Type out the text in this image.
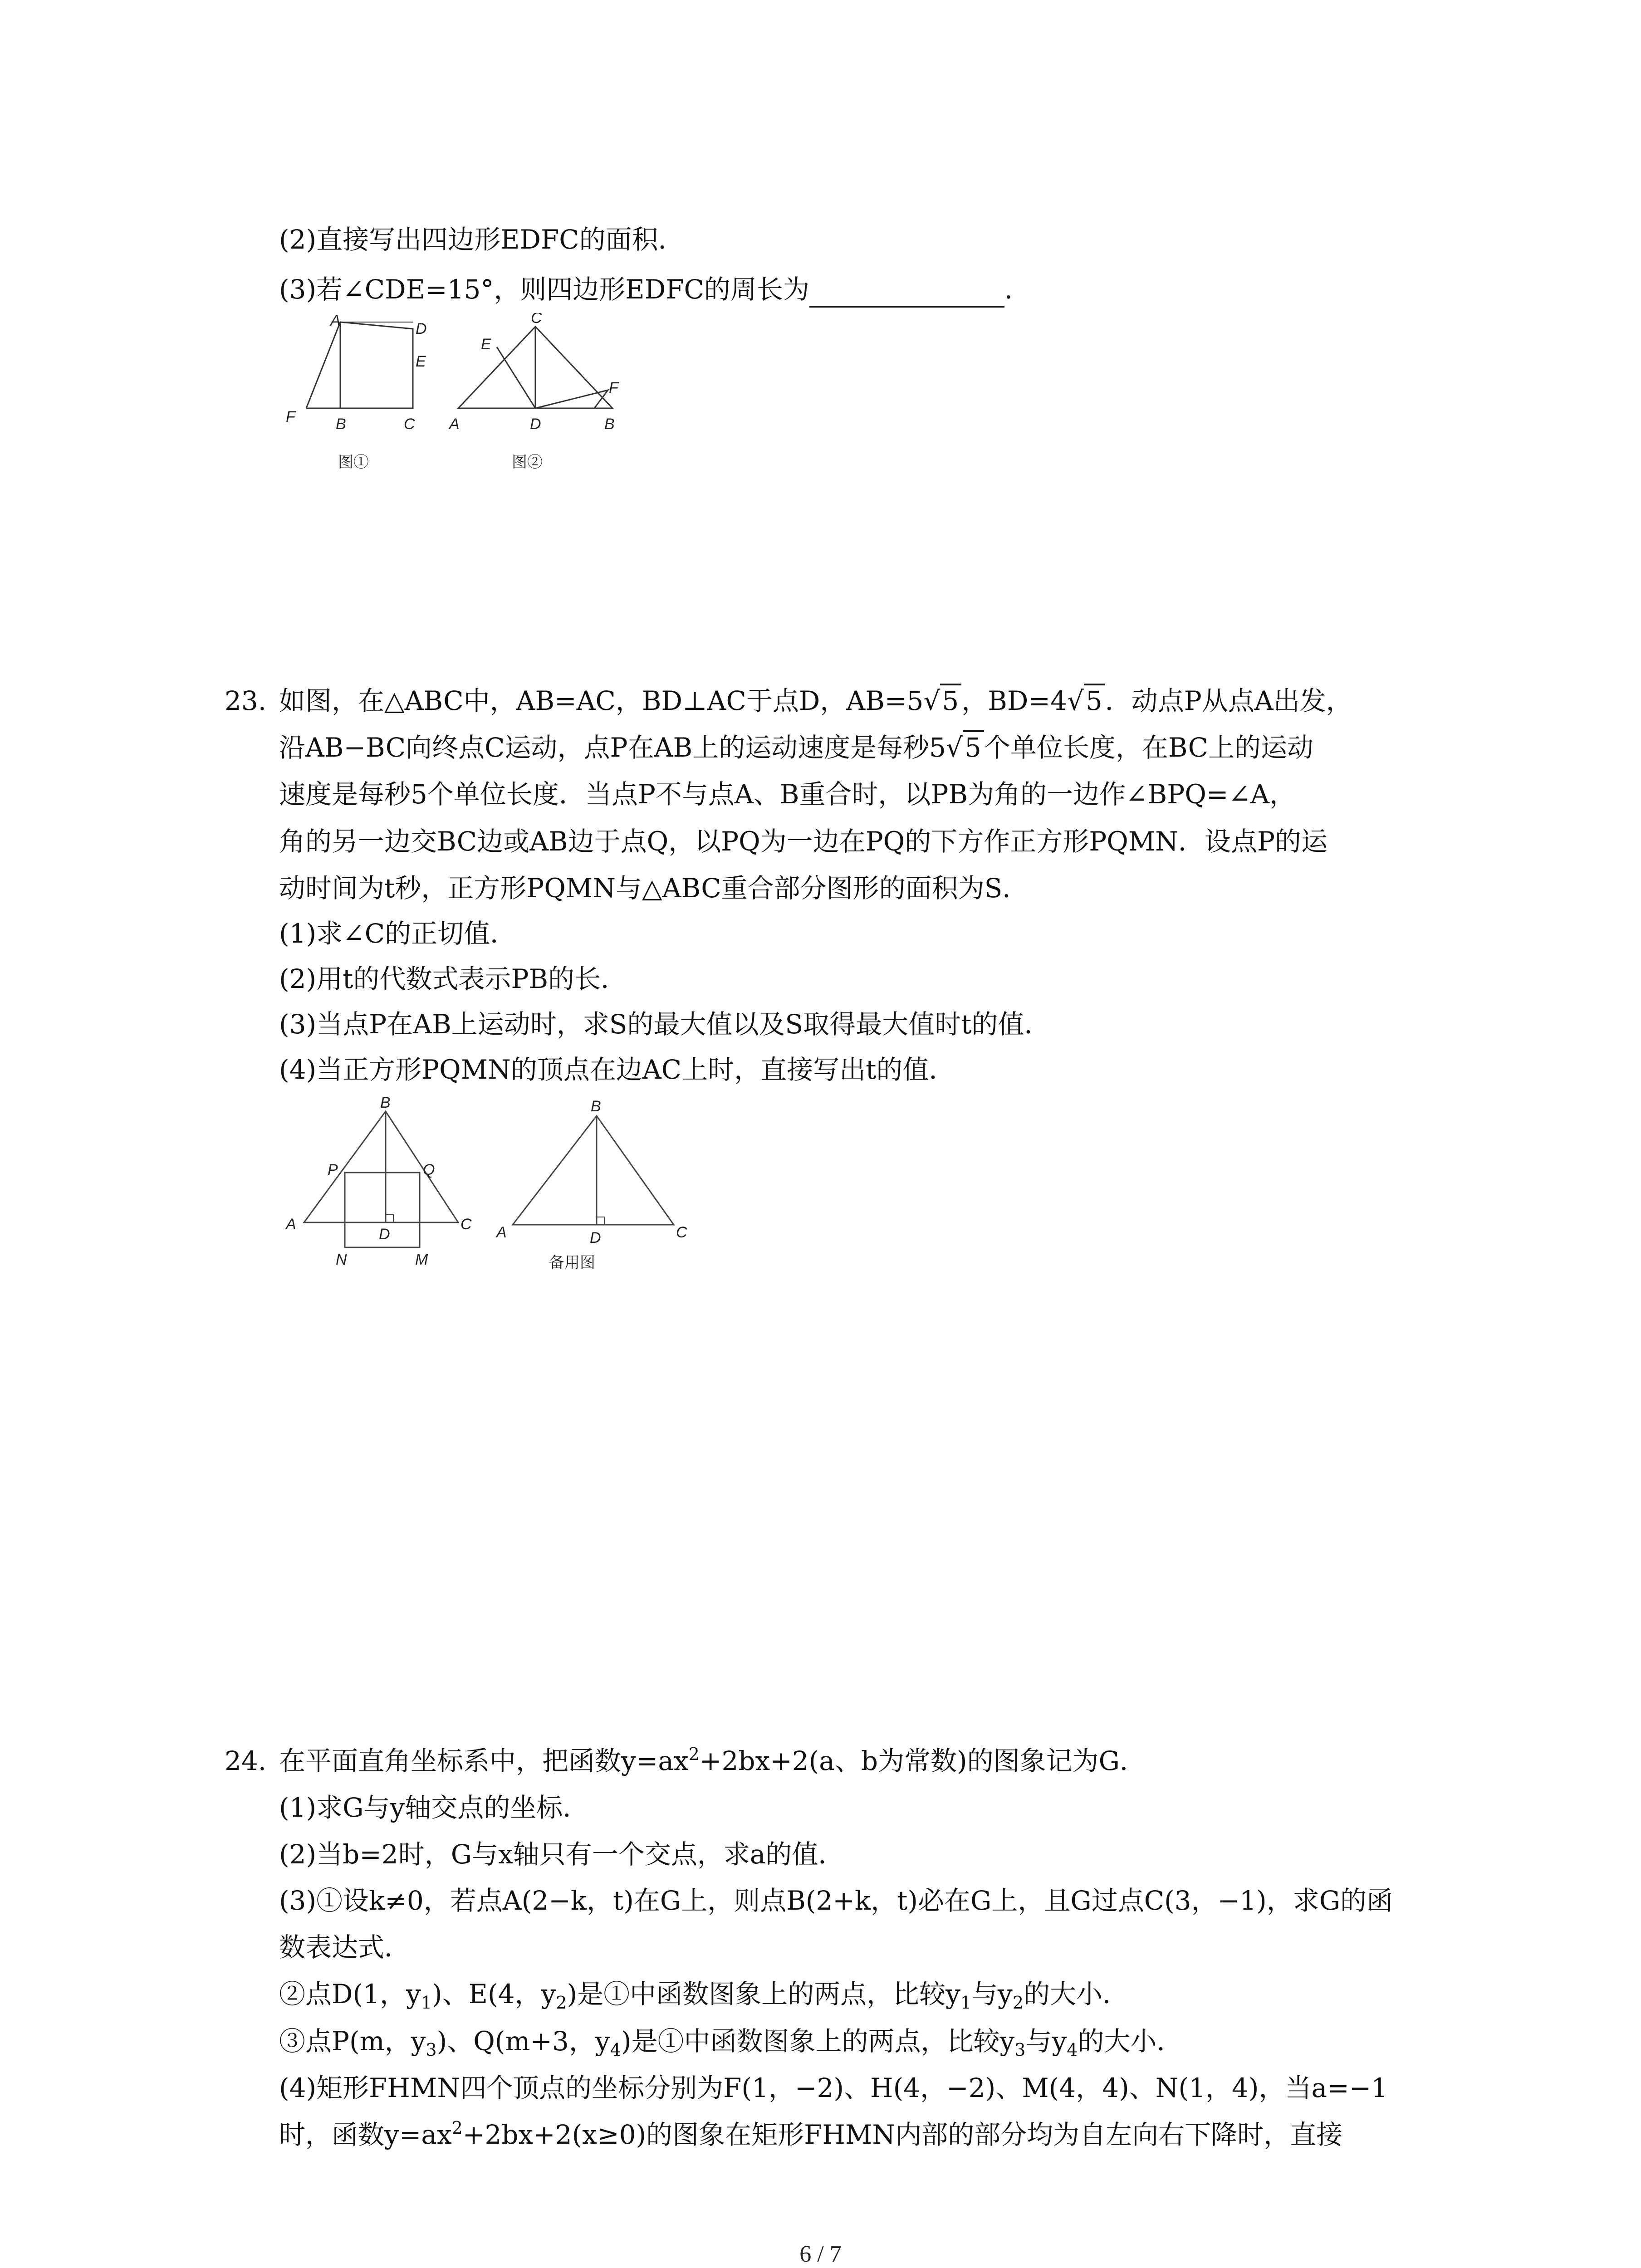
(2)直接写出四边形EDFC的面积．
(3)若∠CDE=15°，则四边形EDFC的周长为	．
A	D
E
F	B	C
图①
C
E
F
A	D	B
图②
23. 如图，在△ABC中，AB=AC，BD⊥AC于点D，AB=5√5 ，BD=4√5 ．动点P从点A出发，
沿AB−BC向终点C运动，点P在AB上的运动速度是每秒5√5 个单位长度，在BC上的运动
速度是每秒5个单位长度．当点P不与点A、B重合时，以PB为角的一边作∠BPQ=∠A，
角的另一边交BC边或AB边于点Q，以PQ为一边在PQ的下方作正方形PQMN．设点P的运
动时间为t秒，正方形PQMN与△ABC重合部分图形的面积为S．
(1)求∠C的正切值．
(2)用t的代数式表示PB的长．
(3)当点P在AB上运动时，求S的最大值以及S取得最大值时t的值．
(4)当正方形PQMN的顶点在边AC上时，直接写出t的值．
B
P	Q
A
D
C
N	M
B
A	D	C
备用图
24. 在平面直角坐标系中，把函数$y=ax^2+2bx+2(a$、b为常数)的图象记为G．
(1)求G与y轴交点的坐标．
(2)当b=2时，G与x轴只有一个交点，求a的值．
(3)①设k≠0，若点A(2−k，t)在G上，则点B(2+k，t)必在G上，且G过点C(3，−1)，求G的函
数表达式．
②点D(1，$y_1$)、E(4，$y_2$)是①中函数图象上的两点，比较$y_1$与$y_2$的大小．
③点P(m，$y_3$)、Q(m+3，$y_4$)是①中函数图象上的两点，比较$y_3$与$y_4$的大小．
(4)矩形FHMN四个顶点的坐标分别为F(1，−2)、H(4，−2)、M(4，4)、N(1，4)，当a=−1
时，函数$y=ax^2+2bx+2(x\ge 0)$的图象在矩形FHMN内部的部分均为自左向右下降时，直接
6 / 7
